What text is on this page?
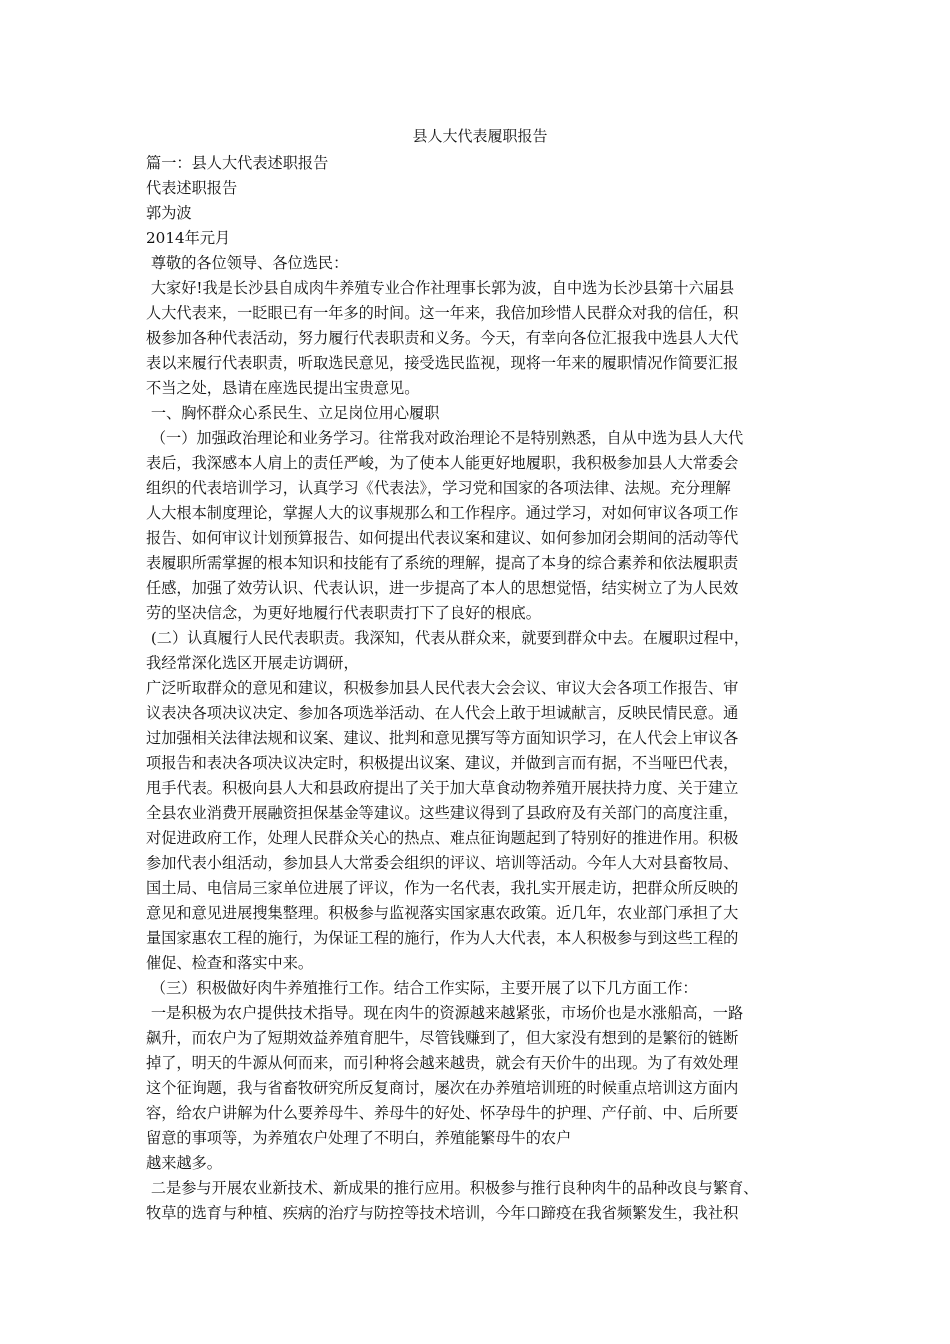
县人大代表履职报告
篇一：县人大代表述职报告
代表述职报告
郭为波
2014年元月
尊敬的各位领导、各位选民：
大家好!我是长沙县自成肉牛养殖专业合作社理事长郭为波，自中选为长沙县第十六届县
人大代表来，一眨眼已有一年多的时间。这一年来，我倍加珍惜人民群众对我的信任，积
极参加各种代表活动，努力履行代表职责和义务。今天，有幸向各位汇报我中选县人大代
表以来履行代表职责，听取选民意见，接受选民监视，现将一年来的履职情况作简要汇报
不当之处，恳请在座选民提出宝贵意见。
一、胸怀群众心系民生、立足岗位用心履职
（一）加强政治理论和业务学习。往常我对政治理论不是特别熟悉，自从中选为县人大代
表后，我深感本人肩上的责任严峻，为了使本人能更好地履职，我积极参加县人大常委会
组织的代表培训学习，认真学习《代表法》，学习党和国家的各项法律、法规。充分理解
人大根本制度理论，掌握人大的议事规那么和工作程序。通过学习，对如何审议各项工作
报告、如何审议计划预算报告、如何提出代表议案和建议、如何参加闭会期间的活动等代
表履职所需掌握的根本知识和技能有了系统的理解，提高了本身的综合素养和依法履职责
任感，加强了效劳认识、代表认识，进一步提高了本人的思想觉悟，结实树立了为人民效
劳的坚决信念，为更好地履行代表职责打下了良好的根底。
(二）认真履行人民代表职责。我深知，代表从群众来，就要到群众中去。在履职过程中，
我经常深化选区开展走访调研，
广泛听取群众的意见和建议，积极参加县人民代表大会会议、审议大会各项工作报告、审
议表决各项决议决定、参加各项选举活动、在人代会上敢于坦诚献言，反映民情民意。通
过加强相关法律法规和议案、建议、批判和意见撰写等方面知识学习，在人代会上审议各
项报告和表决各项决议决定时，积极提出议案、建议，并做到言而有据，不当哑巴代表，
甩手代表。积极向县人大和县政府提出了关于加大草食动物养殖开展扶持力度、关于建立
全县农业消费开展融资担保基金等建议。这些建议得到了县政府及有关部门的高度注重，
对促进政府工作，处理人民群众关心的热点、难点征询题起到了特别好的推进作用。积极
参加代表小组活动，参加县人大常委会组织的评议、培训等活动。今年人大对县畜牧局、
国土局、电信局三家单位进展了评议，作为一名代表，我扎实开展走访，把群众所反映的
意见和意见进展搜集整理。积极参与监视落实国家惠农政策。近几年，农业部门承担了大
量国家惠农工程的施行，为保证工程的施行，作为人大代表，本人积极参与到这些工程的
催促、检查和落实中来。
（三）积极做好肉牛养殖推行工作。结合工作实际，主要开展了以下几方面工作：
一是积极为农户提供技术指导。现在肉牛的资源越来越紧张，市场价也是水涨船高，一路
飙升，而农户为了短期效益养殖育肥牛，尽管钱赚到了，但大家没有想到的是繁衍的链断
掉了，明天的牛源从何而来，而引种将会越来越贵，就会有天价牛的出现。为了有效处理
这个征询题，我与省畜牧研究所反复商讨，屡次在办养殖培训班的时候重点培训这方面内
容，给农户讲解为什么要养母牛、养母牛的好处、怀孕母牛的护理、产仔前、中、后所要
留意的事项等，为养殖农户处理了不明白，养殖能繁母牛的农户
越来越多。
二是参与开展农业新技术、新成果的推行应用。积极参与推行良种肉牛的品种改良与繁育、
牧草的选育与种植、疾病的治疗与防控等技术培训，今年口蹄疫在我省频繁发生，我社积
